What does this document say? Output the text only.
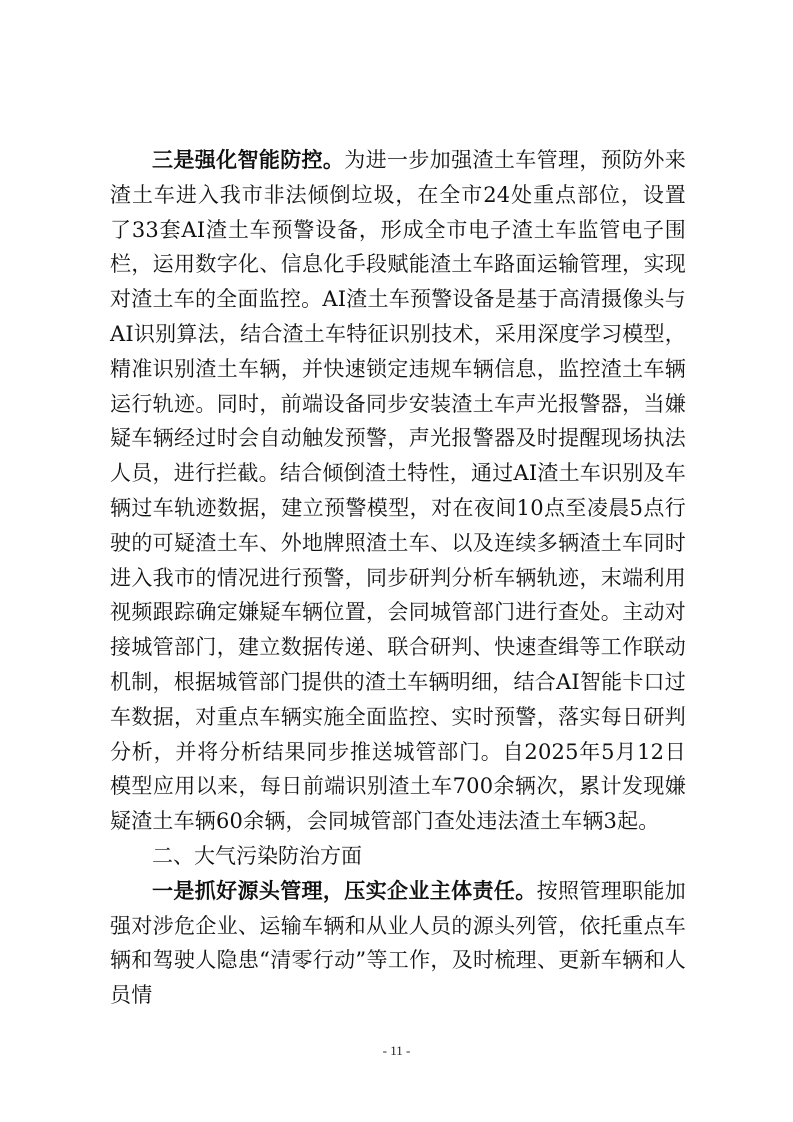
三是强化智能防控。为进一步加强渣土车管理，预防外来渣土车进入我市非法倾倒垃圾，在全市24处重点部位，设置了33套AI渣土车预警设备，形成全市电子渣土车监管电子围栏，运用数字化、信息化手段赋能渣土车路面运输管理，实现对渣土车的全面监控。AI渣土车预警设备是基于高清摄像头与AI识别算法，结合渣土车特征识别技术，采用深度学习模型，精准识别渣土车辆，并快速锁定违规车辆信息，监控渣土车辆运行轨迹。同时，前端设备同步安装渣土车声光报警器，当嫌疑车辆经过时会自动触发预警，声光报警器及时提醒现场执法人员，进行拦截。结合倾倒渣土特性，通过AI渣土车识别及车辆过车轨迹数据，建立预警模型，对在夜间10点至凌晨5点行驶的可疑渣土车、外地牌照渣土车、以及连续多辆渣土车同时进入我市的情况进行预警，同步研判分析车辆轨迹，末端利用视频跟踪确定嫌疑车辆位置，会同城管部门进行查处。主动对接城管部门，建立数据传递、联合研判、快速查缉等工作联动机制，根据城管部门提供的渣土车辆明细，结合AI智能卡口过车数据，对重点车辆实施全面监控、实时预警，落实每日研判分析，并将分析结果同步推送城管部门。自2025年5月12日模型应用以来，每日前端识别渣土车700余辆次，累计发现嫌疑渣土车辆60余辆，会同城管部门查处违法渣土车辆3起。

二、大气污染防治方面

一是抓好源头管理，压实企业主体责任。按照管理职能加强对涉危企业、运输车辆和从业人员的源头列管，依托重点车辆和驾驶人隐患“清零行动”等工作，及时梳理、更新车辆和人员情

- 11 -
